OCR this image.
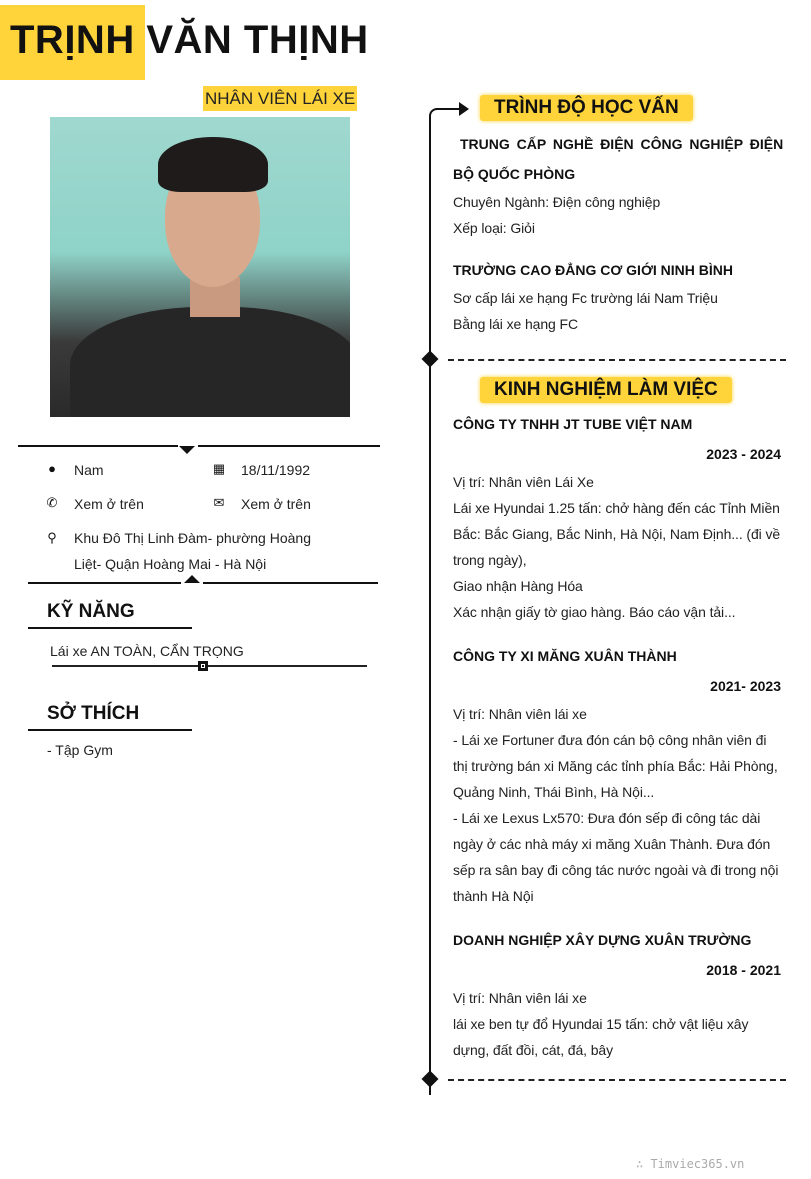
TRỊNH VĂN THỊNH
NHÂN VIÊN LÁI XE
● Nam	▦ 18/11/1992
✆ Xem ở trên	✉ Xem ở trên
⚲ Khu Đô Thị Linh Đàm- phường Hoàng
Liệt- Quận Hoàng Mai - Hà Nội
KỸ NĂNG
Lái xe AN TOÀN, CẨN TRỌNG
SỞ THÍCH
- Tập Gym
TRÌNH ĐỘ HỌC VẤN
TRUNG CẤP NGHỀ ĐIỆN CÔNG NGHIỆP ĐIỆN
BỘ QUỐC PHÒNG
Chuyên Ngành: Điện công nghiệp
Xếp loại: Giỏi
TRƯỜNG CAO ĐẲNG CƠ GIỚI NINH BÌNH
Sơ cấp lái xe hạng Fc trường lái Nam Triệu
Bằng lái xe hạng FC
KINH NGHIỆM LÀM VIỆC
CÔNG TY TNHH JT TUBE VIỆT NAM
2023 - 2024
Vị trí: Nhân viên Lái Xe
Lái xe Hyundai 1.25 tấn: chở hàng đến các Tỉnh Miền
Bắc: Bắc Giang, Bắc Ninh, Hà Nội, Nam Định... (đi về
trong ngày),
Giao nhận Hàng Hóa
Xác nhận giấy tờ giao hàng. Báo cáo vận tải...
CÔNG TY XI MĂNG XUÂN THÀNH
2021- 2023
Vị trí: Nhân viên lái xe
- Lái xe Fortuner đưa đón cán bộ công nhân viên đi
thị trường bán xi Măng các tỉnh phía Bắc: Hải Phòng,
Quảng Ninh, Thái Bình, Hà Nội...
- Lái xe Lexus Lx570: Đưa đón sếp đi công tác dài
ngày ở các nhà máy xi măng Xuân Thành. Đưa đón
sếp ra sân bay đi công tác nước ngoài và đi trong nội
thành Hà Nội
DOANH NGHIỆP XÂY DỰNG XUÂN TRƯỜNG
2018 - 2021
Vị trí: Nhân viên lái xe
lái xe ben tự đổ Hyundai 15 tấn: chở vật liệu xây
dựng, đất đồi, cát, đá, bây
∴ Timviec365.vn
